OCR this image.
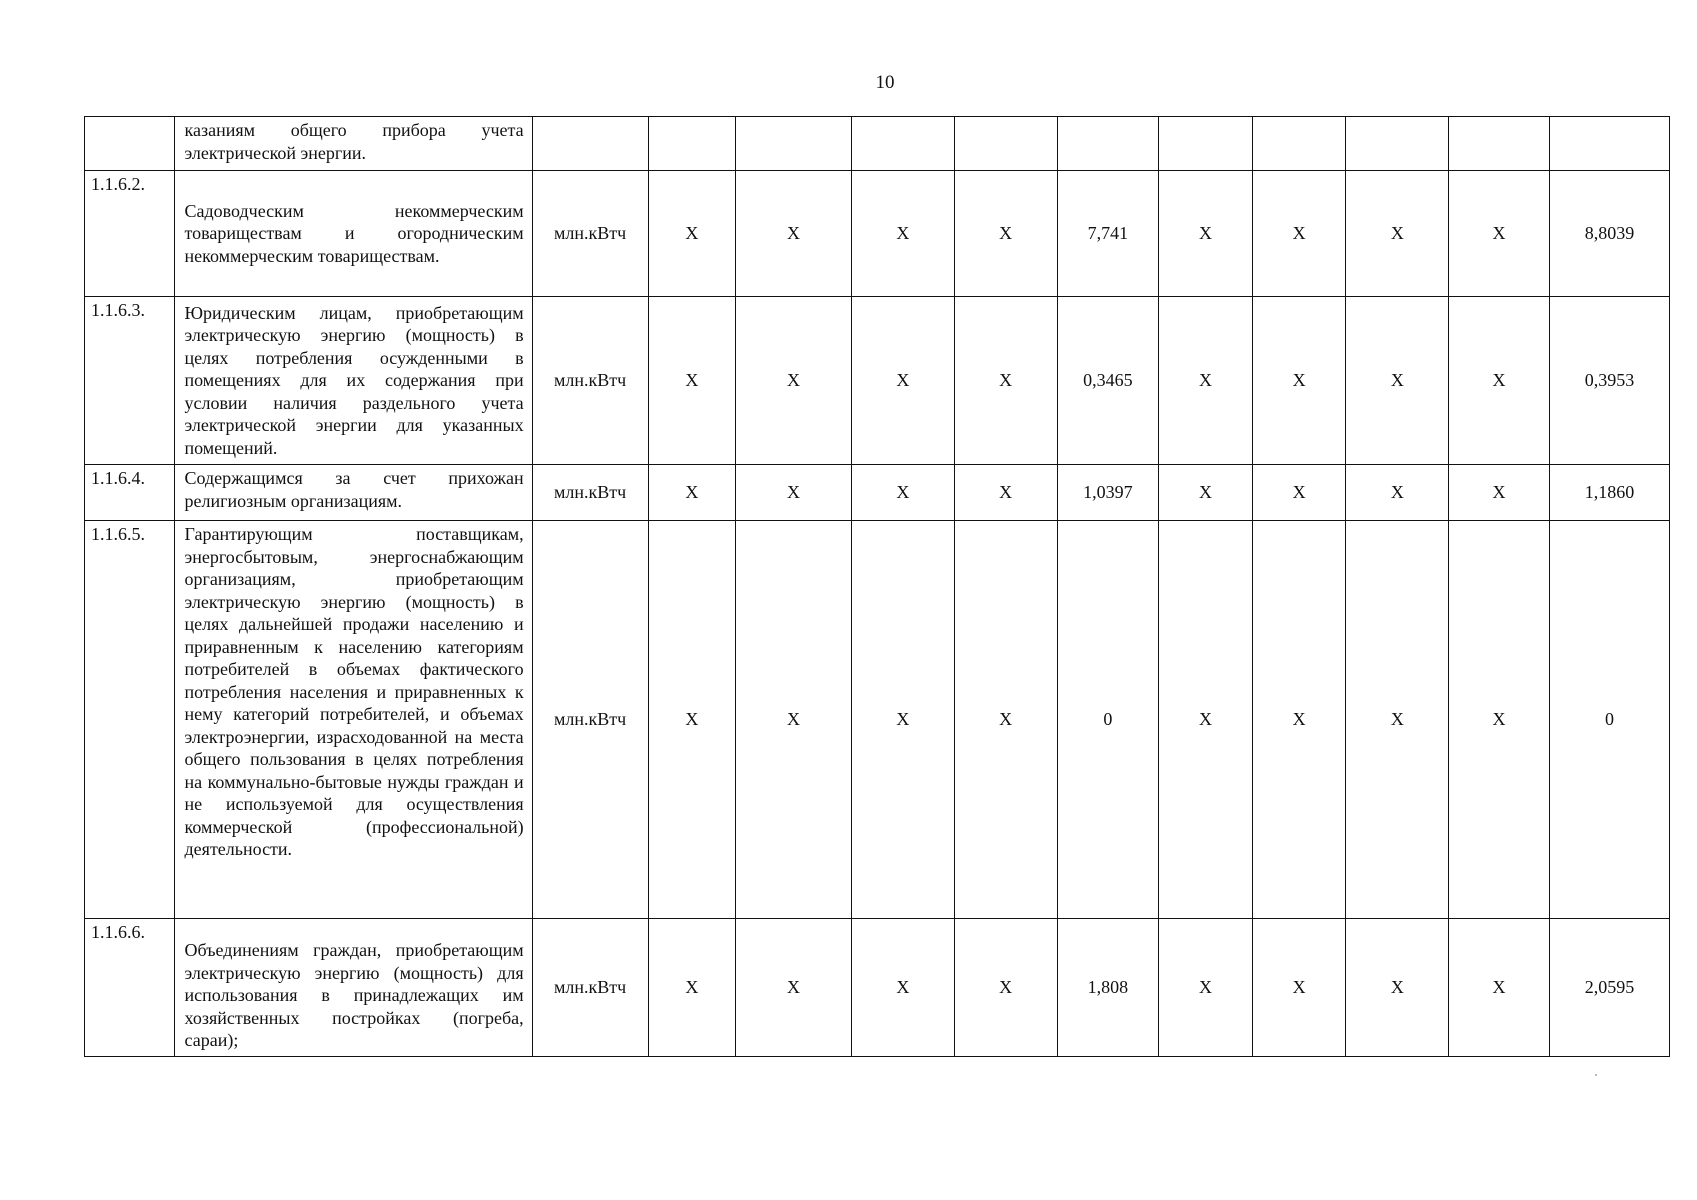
10
	казаниям общего прибора учета электрической энергии.											
1.1.6.2.	Садоводческим некоммерческим товариществам и огородническим некоммерческим товариществам.	млн.кВтч	Х	Х	Х	Х	7,741	Х	Х	Х	Х	8,8039
1.1.6.3.	Юридическим лицам, приобретающим электрическую энергию (мощность) в целях потребления осужденными в помещениях для их содержания при условии наличия раздельного учета электрической энергии для указанных помещений.	млн.кВтч	Х	Х	Х	Х	0,3465	Х	Х	Х	Х	0,3953
1.1.6.4.	Содержащимся за счет прихожан религиозным организациям.	млн.кВтч	Х	Х	Х	Х	1,0397	Х	Х	Х	Х	1,1860
1.1.6.5.	Гарантирующим поставщикам, энергосбытовым, энергоснабжающим организациям, приобретающим электрическую энергию (мощность) в целях дальнейшей продажи населению и приравненным к населению категориям потребителей в объемах фактического потребления населения и приравненных к нему категорий потребителей, и объемах электроэнергии, израсходованной на места общего пользования в целях потребления на коммунально-бытовые нужды граждан и не используемой для осуществления коммерческой (профессиональной) деятельности.	млн.кВтч	Х	Х	Х	Х	0	Х	Х	Х	Х	0
1.1.6.6.	Объединениям граждан, приобретающим электрическую энергию (мощность) для использования в принадлежащих им хозяйственных постройках (погреба, сараи);	млн.кВтч	Х	Х	Х	Х	1,808	Х	Х	Х	Х	2,0595
